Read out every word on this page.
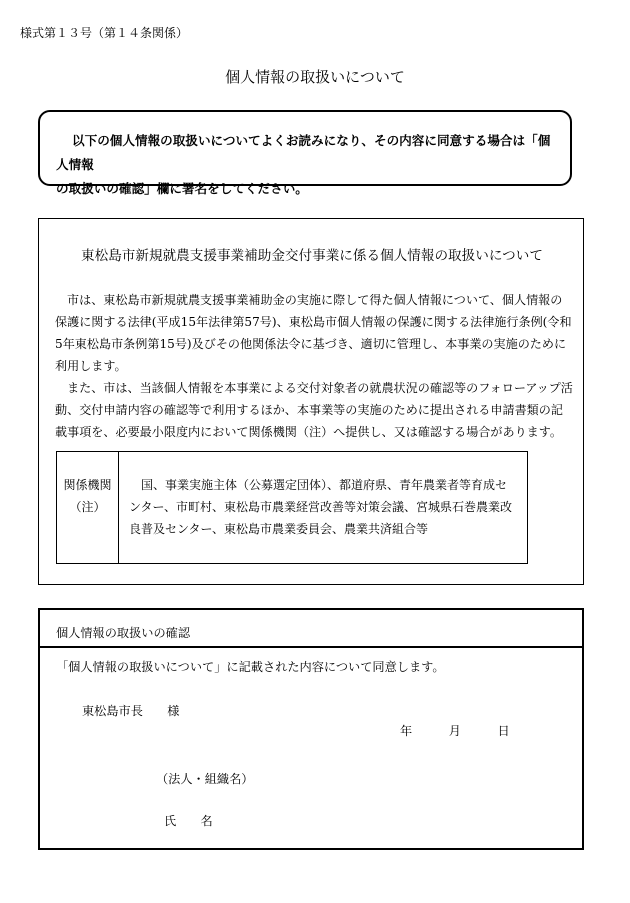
様式第１３号（第１４条関係）
個人情報の取扱いについて
以下の個人情報の取扱いについてよくお読みになり、その内容に同意する場合は「個人情報
の取扱いの確認」欄に署名をしてください。
東松島市新規就農支援事業補助金交付事業に係る個人情報の取扱いについて
市は、東松島市新規就農支援事業補助金の実施に際して得た個人情報について、個人情報の保護に関する法律(平成15年法律第57号)、東松島市個人情報の保護に関する法律施行条例(令和5年東松島市条例第15号)及びその他関係法令に基づき、適切に管理し、本事業の実施のために利用します。
また、市は、当該個人情報を本事業による交付対象者の就農状況の確認等のフォローアップ活動、交付申請内容の確認等で利用するほか、本事業等の実施のために提出される申請書類の記載事項を、必要最小限度内において関係機関（注）へ提供し、又は確認する場合があります。
関係機関
（注）
国、事業実施主体（公募選定団体）、都道府県、青年農業者等育成センター、市町村、東松島市農業経営改善等対策会議、宮城県石巻農業改良普及センター、東松島市農業委員会、農業共済組合等
個人情報の取扱いの確認
「個人情報の取扱いについて」に記載された内容について同意します。
東松島市長　　様
年　　　月　　　日
（法人・組織名）
氏　　名
